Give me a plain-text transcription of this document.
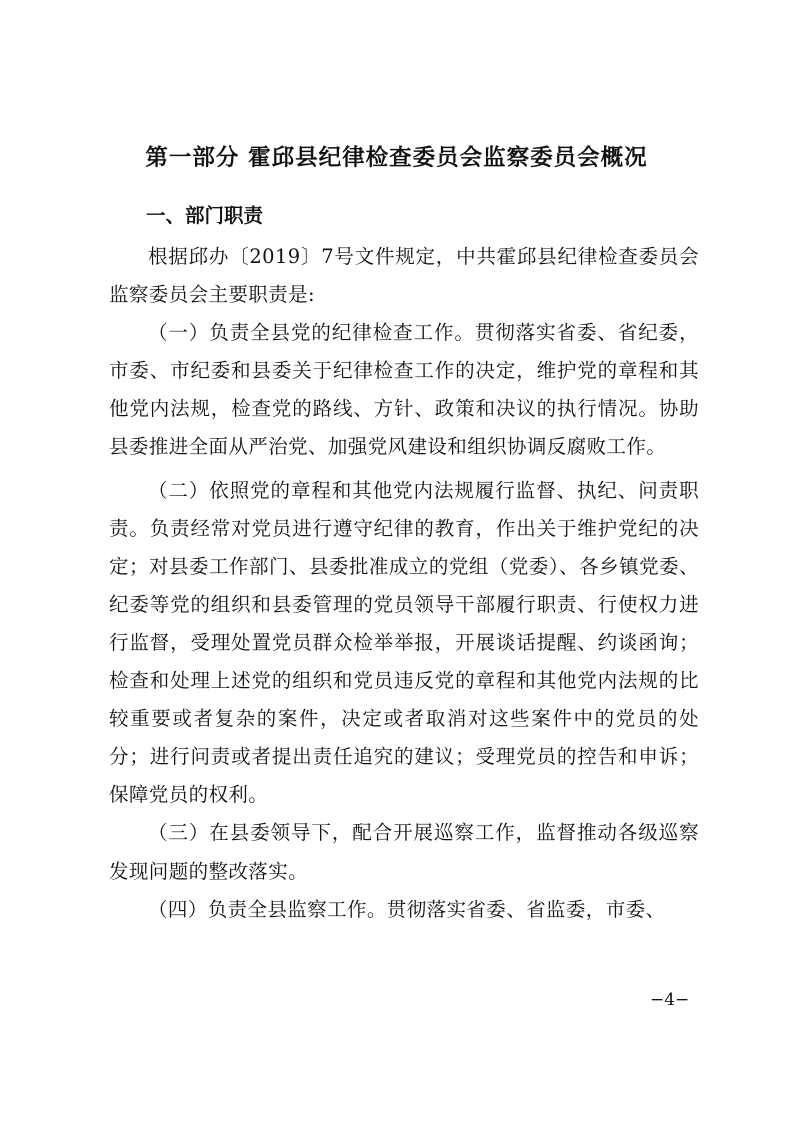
第一部分 霍邱县纪律检查委员会监察委员会概况
一、部门职责

根据邱办〔2019〕7号文件规定，中共霍邱县纪律检查委员会监察委员会主要职责是:

（一）负责全县党的纪律检查工作。贯彻落实省委、省纪委，市委、市纪委和县委关于纪律检查工作的决定，维护党的章程和其他党内法规，检查党的路线、方针、政策和决议的执行情况。协助县委推进全面从严治党、加强党风建设和组织协调反腐败工作。

（二）依照党的章程和其他党内法规履行监督、执纪、问责职责。负责经常对党员进行遵守纪律的教育，作出关于维护党纪的决定；对县委工作部门、县委批准成立的党组（党委）、各乡镇党委、纪委等党的组织和县委管理的党员领导干部履行职责、行使权力进行监督，受理处置党员群众检举举报，开展谈话提醒、约谈函询；检查和处理上述党的组织和党员违反党的章程和其他党内法规的比较重要或者复杂的案件，决定或者取消对这些案件中的党员的处分；进行问责或者提出责任追究的建议；受理党员的控告和申诉；保障党员的权利。

（三）在县委领导下，配合开展巡察工作，监督推动各级巡察发现问题的整改落实。

（四）负责全县监察工作。贯彻落实省委、省监委，市委、

−4−
